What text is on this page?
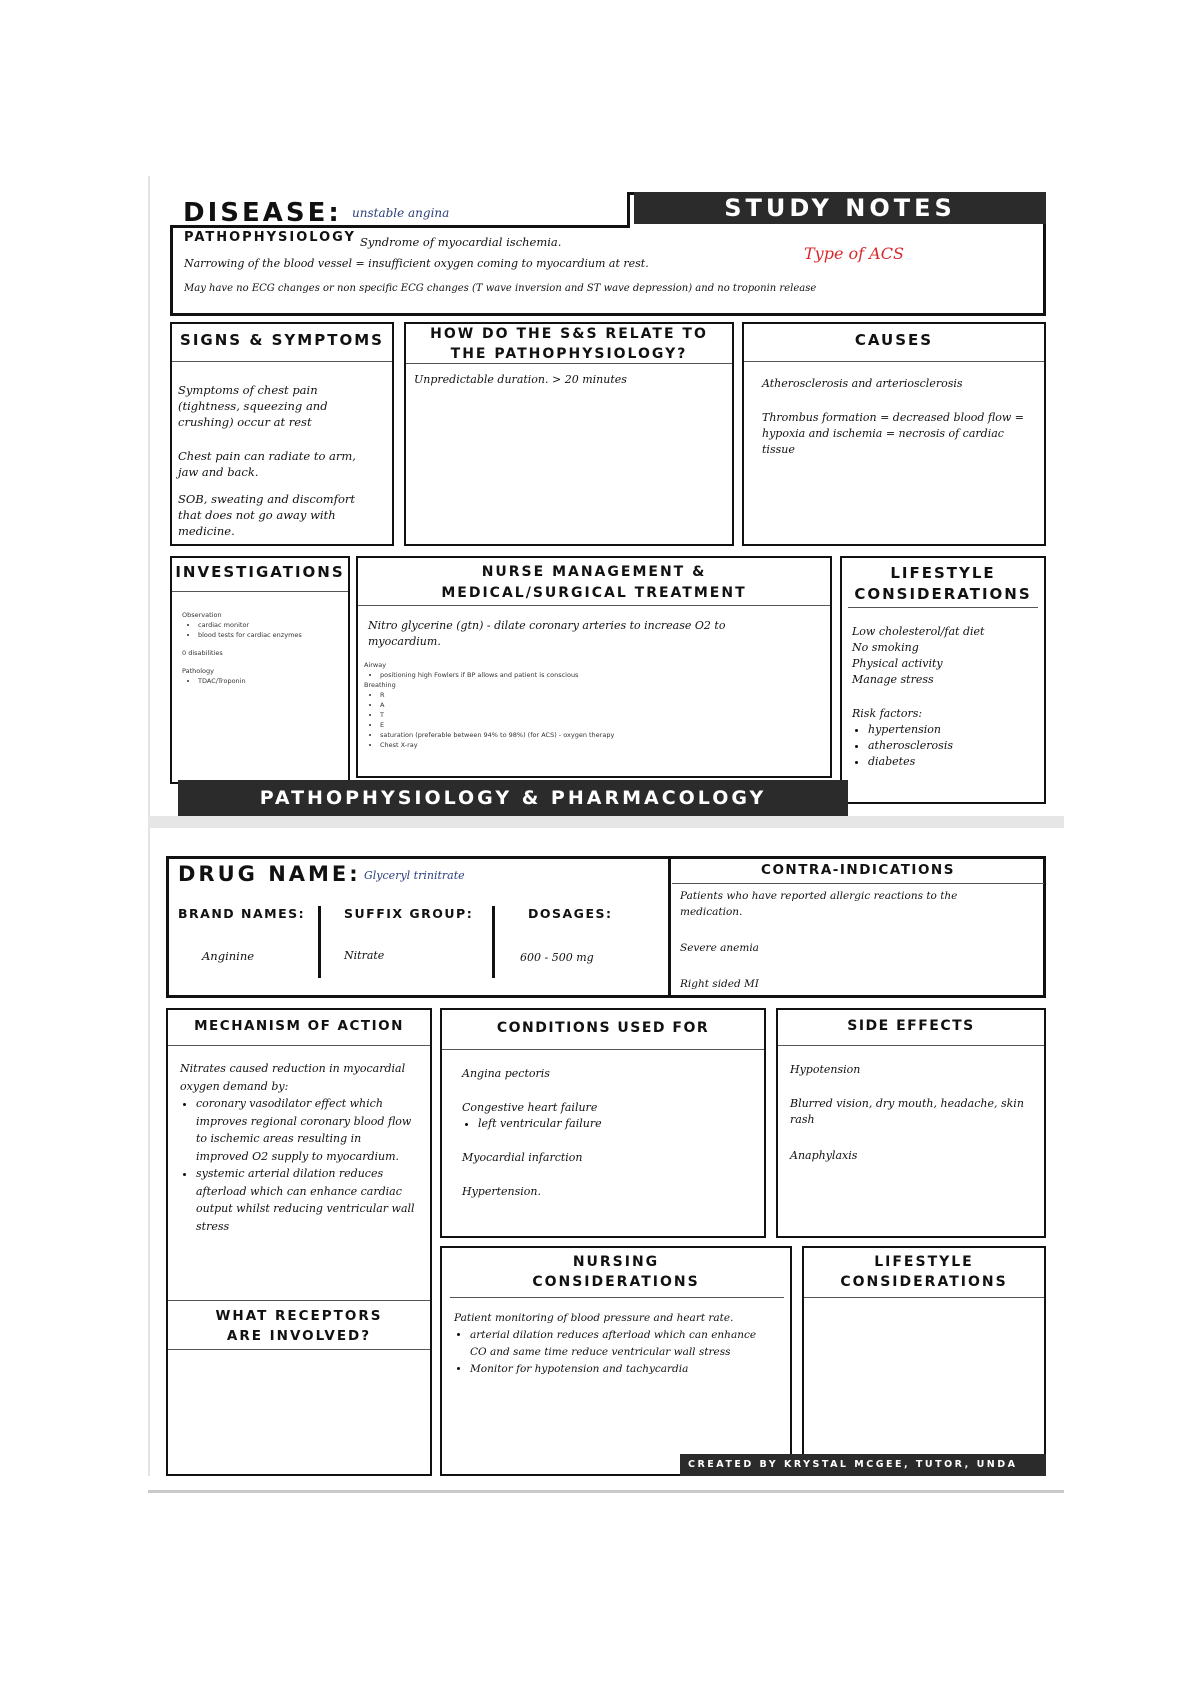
DISEASE: unstable angina	STUDY NOTES
PATHOPHYSIOLOGY Syndrome of myocardial ischemia.
Type of ACS
Narrowing of the blood vessel = insufficient oxygen coming to myocardium at rest.
May have no ECG changes or non specific ECG changes (T wave inversion and ST wave depression) and no troponin release
SIGNS & SYMPTOMS
Symptoms of chest pain (tightness, squeezing and crushing) occur at rest
Chest pain can radiate to arm, jaw and back.
SOB, sweating and discomfort that does not go away with medicine.
HOW DO THE S&S RELATE TO
THE PATHOPHYSIOLOGY?
Unpredictable duration. > 20 minutes
CAUSES
Atherosclerosis and arteriosclerosis
Thrombus formation = decreased blood flow = hypoxia and ischemia = necrosis of cardiac tissue
INVESTIGATIONS

Observation

• cardiac monitor
• blood tests for cardiac enzymes

0 disabilities

Pathology

• TDAC/Troponin
NURSE MANAGEMENT &
MEDICAL/SURGICAL TREATMENT
Nitro glycerine (gtn) - dilate coronary arteries to increase O2 to myocardium.

Airway

• positioning high Fowlers if BP allows and patient is conscious

Breathing

• R
• A
• T
• E
• saturation (preferable between 94% to 98%) (for ACS) - oxygen therapy
• Chest X-ray
LIFESTYLE
CONSIDERATIONS

Low cholesterol/fat diet

No smoking

Physical activity

Manage stress

Risk factors:

• hypertension
• atherosclerosis
• diabetes
PATHOPHYSIOLOGY & PHARMACOLOGY
DRUG NAME: Glyceryl trinitrate
BRAND NAMES:
Anginine
SUFFIX GROUP:
Nitrate
DOSAGES:
600 - 500 mg
CONTRA-INDICATIONS
Patients who have reported allergic reactions to the medication.
Severe anemia
Right sided MI
MECHANISM OF ACTION

Nitrates caused reduction in myocardial oxygen demand by:

• coronary vasodilator effect which improves regional coronary blood flow to ischemic areas resulting in improved O2 supply to myocardium.
• systemic arterial dilation reduces afterload which can enhance cardiac output whilst reducing ventricular wall stress
WHAT RECEPTORS
ARE INVOLVED?
CONDITIONS USED FOR

Angina pectoris

Congestive heart failure

• left ventricular failure

Myocardial infarction

Hypertension.

SIDE EFFECTS
Hypotension
Blurred vision, dry mouth, headache, skin rash
Anaphylaxis
NURSING
CONSIDERATIONS

Patient monitoring of blood pressure and heart rate.

• arterial dilation reduces afterload which can enhance CO and same time reduce ventricular wall stress
• Monitor for hypotension and tachycardia
LIFESTYLE
CONSIDERATIONS
CREATED BY KRYSTAL MCGEE, TUTOR, UNDA
